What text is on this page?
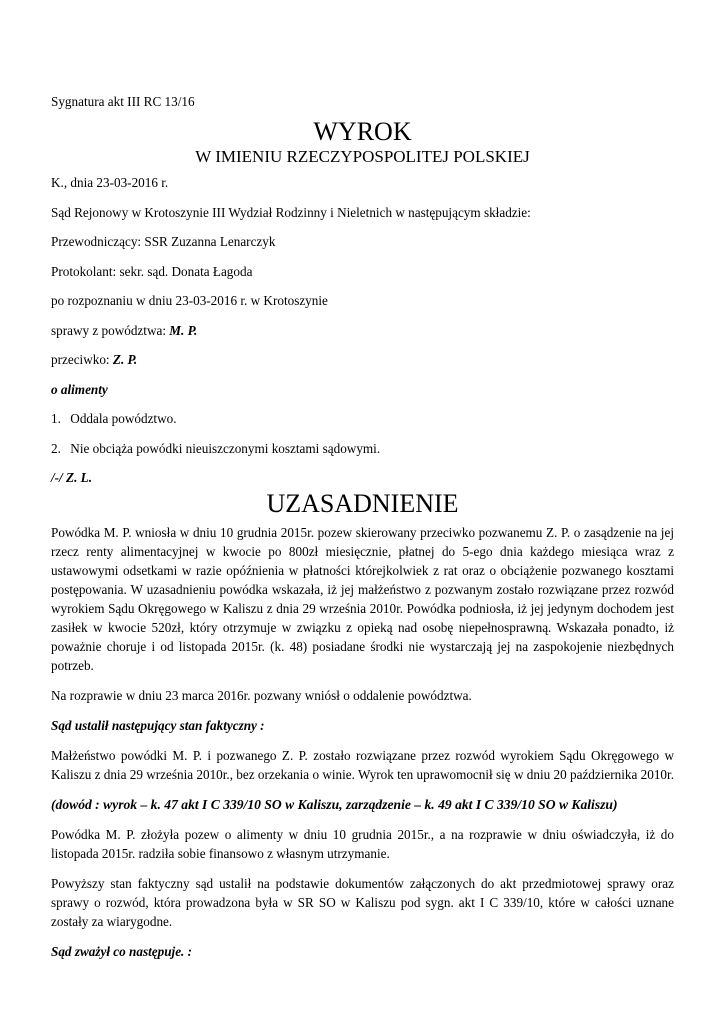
Sygnatura akt III RC 13/16

WYROK

W IMIENIU RZECZYPOSPOLITEJ POLSKIEJ

K., dnia 23-03-2016 r.

Sąd Rejonowy w Krotoszynie III Wydział Rodzinny i Nieletnich w następującym składzie:

Przewodniczący: SSR Zuzanna Lenarczyk

Protokolant: sekr. sąd. Donata Łagoda

po rozpoznaniu w dniu 23-03-2016 r. w Krotoszynie

sprawy z powództwa: M. P.

przeciwko: Z. P.

o alimenty

1. Oddala powództwo.

2. Nie obciąża powódki nieuiszczonymi kosztami sądowymi.

/-/ Z. L.

UZASADNIENIE

Powódka M. P. wniosła w dniu 10 grudnia 2015r. pozew skierowany przeciwko pozwanemu Z. P. o zasądzenie na jej rzecz renty alimentacyjnej w kwocie po 800zł miesięcznie, płatnej do 5-ego dnia każdego miesiąca wraz z ustawowymi odsetkami w razie opóźnienia w płatności którejkolwiek z rat oraz o obciążenie pozwanego kosztami postępowania. W uzasadnieniu powódka wskazała, iż jej małżeństwo z pozwanym zostało rozwiązane przez rozwód wyrokiem Sądu Okręgowego w Kaliszu z dnia 29 września 2010r. Powódka podniosła, iż jej jedynym dochodem jest zasiłek w kwocie 520zł, który otrzymuje w związku z opieką nad osobę niepełnosprawną. Wskazała ponadto, iż poważnie choruje i od listopada 2015r. (k. 48) posiadane środki nie wystarczają jej na zaspokojenie niezbędnych potrzeb.

Na rozprawie w dniu 23 marca 2016r. pozwany wniósł o oddalenie powództwa.

Sąd ustalił następujący stan faktyczny :

Małżeństwo powódki M. P. i pozwanego Z. P. zostało rozwiązane przez rozwód wyrokiem Sądu Okręgowego w Kaliszu z dnia 29 września 2010r., bez orzekania o winie. Wyrok ten uprawomocnił się w dniu 20 października 2010r.

(dowód : wyrok – k. 47 akt I C 339/10 SO w Kaliszu, zarządzenie – k. 49 akt I C 339/10 SO w Kaliszu)

Powódka M. P. złożyła pozew o alimenty w dniu 10 grudnia 2015r., a na rozprawie w dniu oświadczyła, iż do listopada 2015r. radziła sobie finansowo z własnym utrzymanie.

Powyższy stan faktyczny sąd ustalił na podstawie dokumentów załączonych do akt przedmiotowej sprawy oraz sprawy o rozwód, która prowadzona była w SR SO w Kaliszu pod sygn. akt I C 339/10, które w całości uznane zostały za wiarygodne.

Sąd zważył co następuje. :
